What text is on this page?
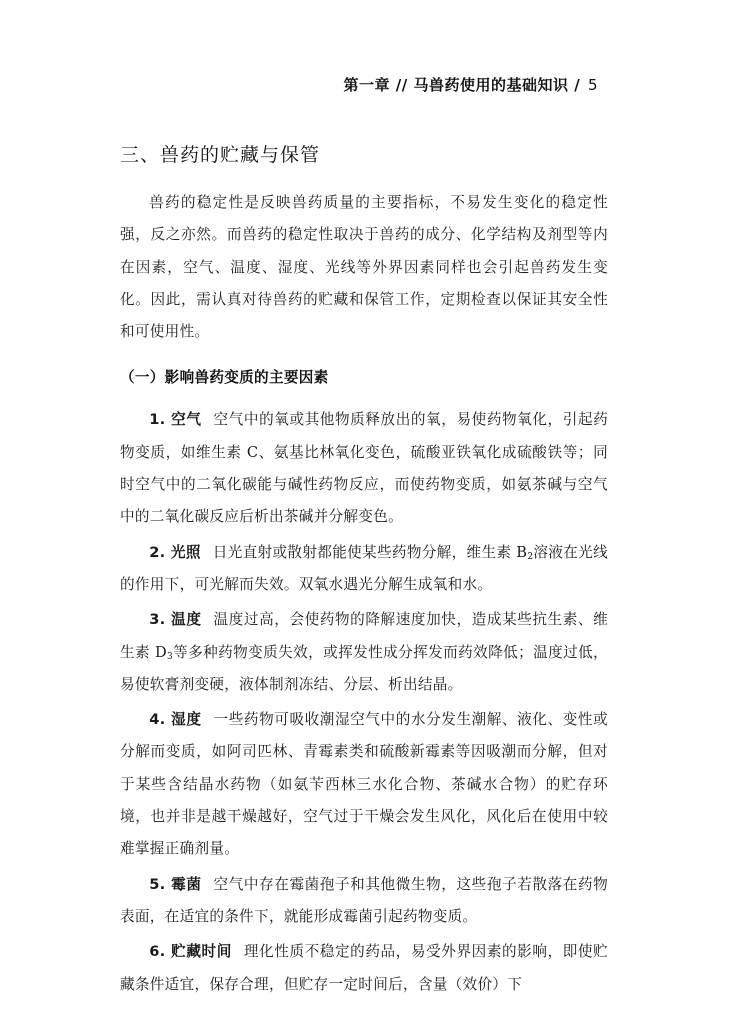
第一章 // 马兽药使用的基础知识 / 5
三、兽药的贮藏与保管

兽药的稳定性是反映兽药质量的主要指标，不易发生变化的稳定性强，反之亦然。而兽药的稳定性取决于兽药的成分、化学结构及剂型等内在因素，空气、温度、湿度、光线等外界因素同样也会引起兽药发生变化。因此，需认真对待兽药的贮藏和保管工作，定期检查以保证其安全性和可使用性。

（一）影响兽药变质的主要因素

1. 空气 空气中的氧或其他物质释放出的氧，易使药物氧化，引起药物变质，如维生素 C、氨基比林氧化变色，硫酸亚铁氧化成硫酸铁等；同时空气中的二氧化碳能与碱性药物反应，而使药物变质，如氨茶碱与空气中的二氧化碳反应后析出茶碱并分解变色。

2. 光照 日光直射或散射都能使某些药物分解，维生素 $B_2$溶液在光线的作用下，可光解而失效。双氧水遇光分解生成氧和水。

3. 温度 温度过高，会使药物的降解速度加快，造成某些抗生素、维生素 $D_3$等多种药物变质失效，或挥发性成分挥发而药效降低；温度过低，易使软膏剂变硬，液体制剂冻结、分层、析出结晶。

4. 湿度 一些药物可吸收潮湿空气中的水分发生潮解、液化、变性或分解而变质，如阿司匹林、青霉素类和硫酸新霉素等因吸潮而分解，但对于某些含结晶水药物（如氨苄西林三水化合物、茶碱水合物）的贮存环境，也并非是越干燥越好，空气过于干燥会发生风化，风化后在使用中较难掌握正确剂量。

5. 霉菌 空气中存在霉菌孢子和其他微生物，这些孢子若散落在药物表面，在适宜的条件下，就能形成霉菌引起药物变质。

6. 贮藏时间 理化性质不稳定的药品，易受外界因素的影响，即使贮藏条件适宜，保存合理，但贮存一定时间后，含量（效价）下
